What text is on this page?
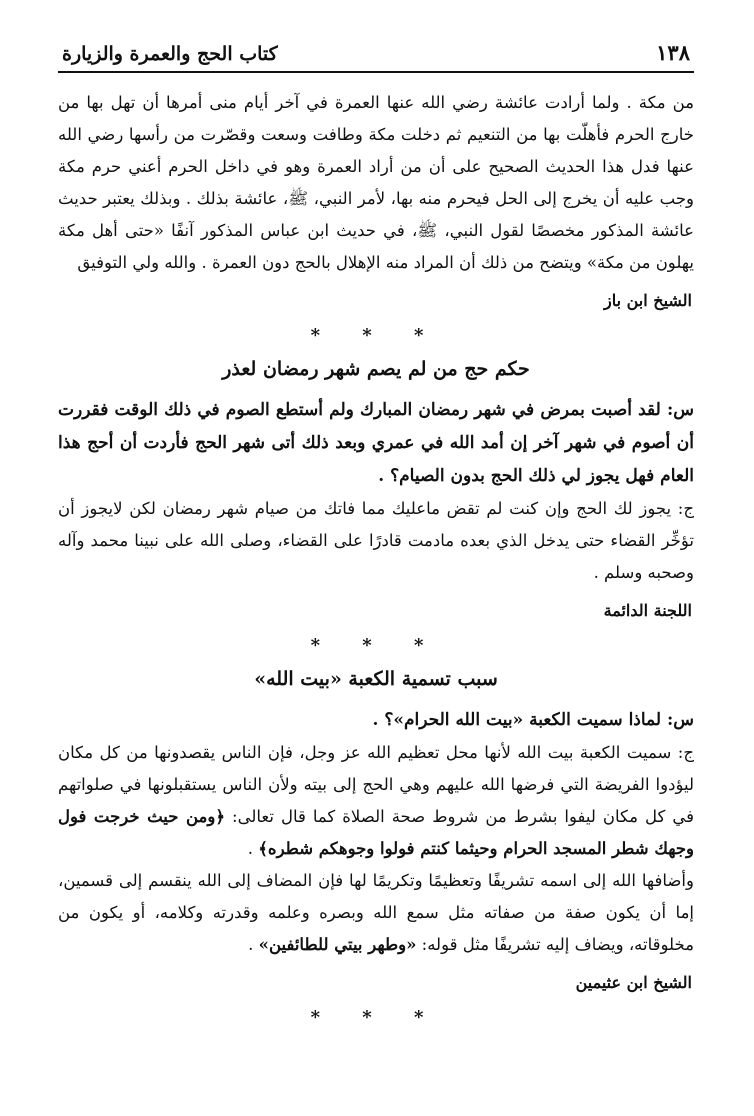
١٣٨
كتاب الحج والعمرة والزيارة

من مكة . ولما أرادت عائشة رضي الله عنها العمرة في آخر أيام منى أمرها أن تهل بها من خارج الحرم فأهلّت بها من التنعيم ثم دخلت مكة وطافت وسعت وقصّرت من رأسها رضي الله عنها فدل هذا الحديث الصحيح على أن من أراد العمرة وهو في داخل الحرم أعني حرم مكة وجب عليه أن يخرج إلى الحل فيحرم منه بها، لأمر النبي، ﷺ، عائشة بذلك . وبذلك يعتبر حديث عائشة المذكور مخصصًا لقول النبي، ﷺ، في حديث ابن عباس المذكور آنفًا «حتى أهل مكة يهلون من مكة» ويتضح من ذلك أن المراد منه الإهلال بالحج دون العمرة . والله ولي التوفيق

الشيخ ابن باز
* * *
حكم حج من لم يصم شهر رمضان لعذر

س: لقد أصبت بمرض في شهر رمضان المبارك ولم أستطع الصوم في ذلك الوقت فقررت أن أصوم في شهر آخر إن أمد الله في عمري وبعد ذلك أتى شهر الحج فأردت أن أحج هذا العام فهل يجوز لي ذلك الحج بدون الصيام؟ .

ج: يجوز لك الحج وإن كنت لم تقض ماعليك مما فاتك من صيام شهر رمضان لكن لايجوز أن تؤخِّر القضاء حتى يدخل الذي بعده مادمت قادرًا على القضاء، وصلى الله على نبينا محمد وآله وصحبه وسلم .

اللجنة الدائمة
* * *
سبب تسمية الكعبة «بيت الله»

س: لماذا سميت الكعبة «بيت الله الحرام»؟ .

ج: سميت الكعبة بيت الله لأنها محل تعظيم الله عز وجل، فإن الناس يقصدونها من كل مكان ليؤدوا الفريضة التي فرضها الله عليهم وهي الحج إلى بيته ولأن الناس يستقبلونها في صلواتهم في كل مكان ليفوا بشرط من شروط صحة الصلاة كما قال تعالى: ﴿ومن حيث خرجت فول وجهك شطر المسجد الحرام وحيثما كنتم فولوا وجوهكم شطره﴾ .

وأضافها الله إلى اسمه تشريفًا وتعظيمًا وتكريمًا لها فإن المضاف إلى الله ينقسم إلى قسمين، إما أن يكون صفة من صفاته مثل سمع الله وبصره وعلمه وقدرته وكلامه، أو يكون من مخلوقاته، ويضاف إليه تشريفًا مثل قوله: «وطهر بيتي للطائفين» .

الشيخ ابن عثيمين
* * *
